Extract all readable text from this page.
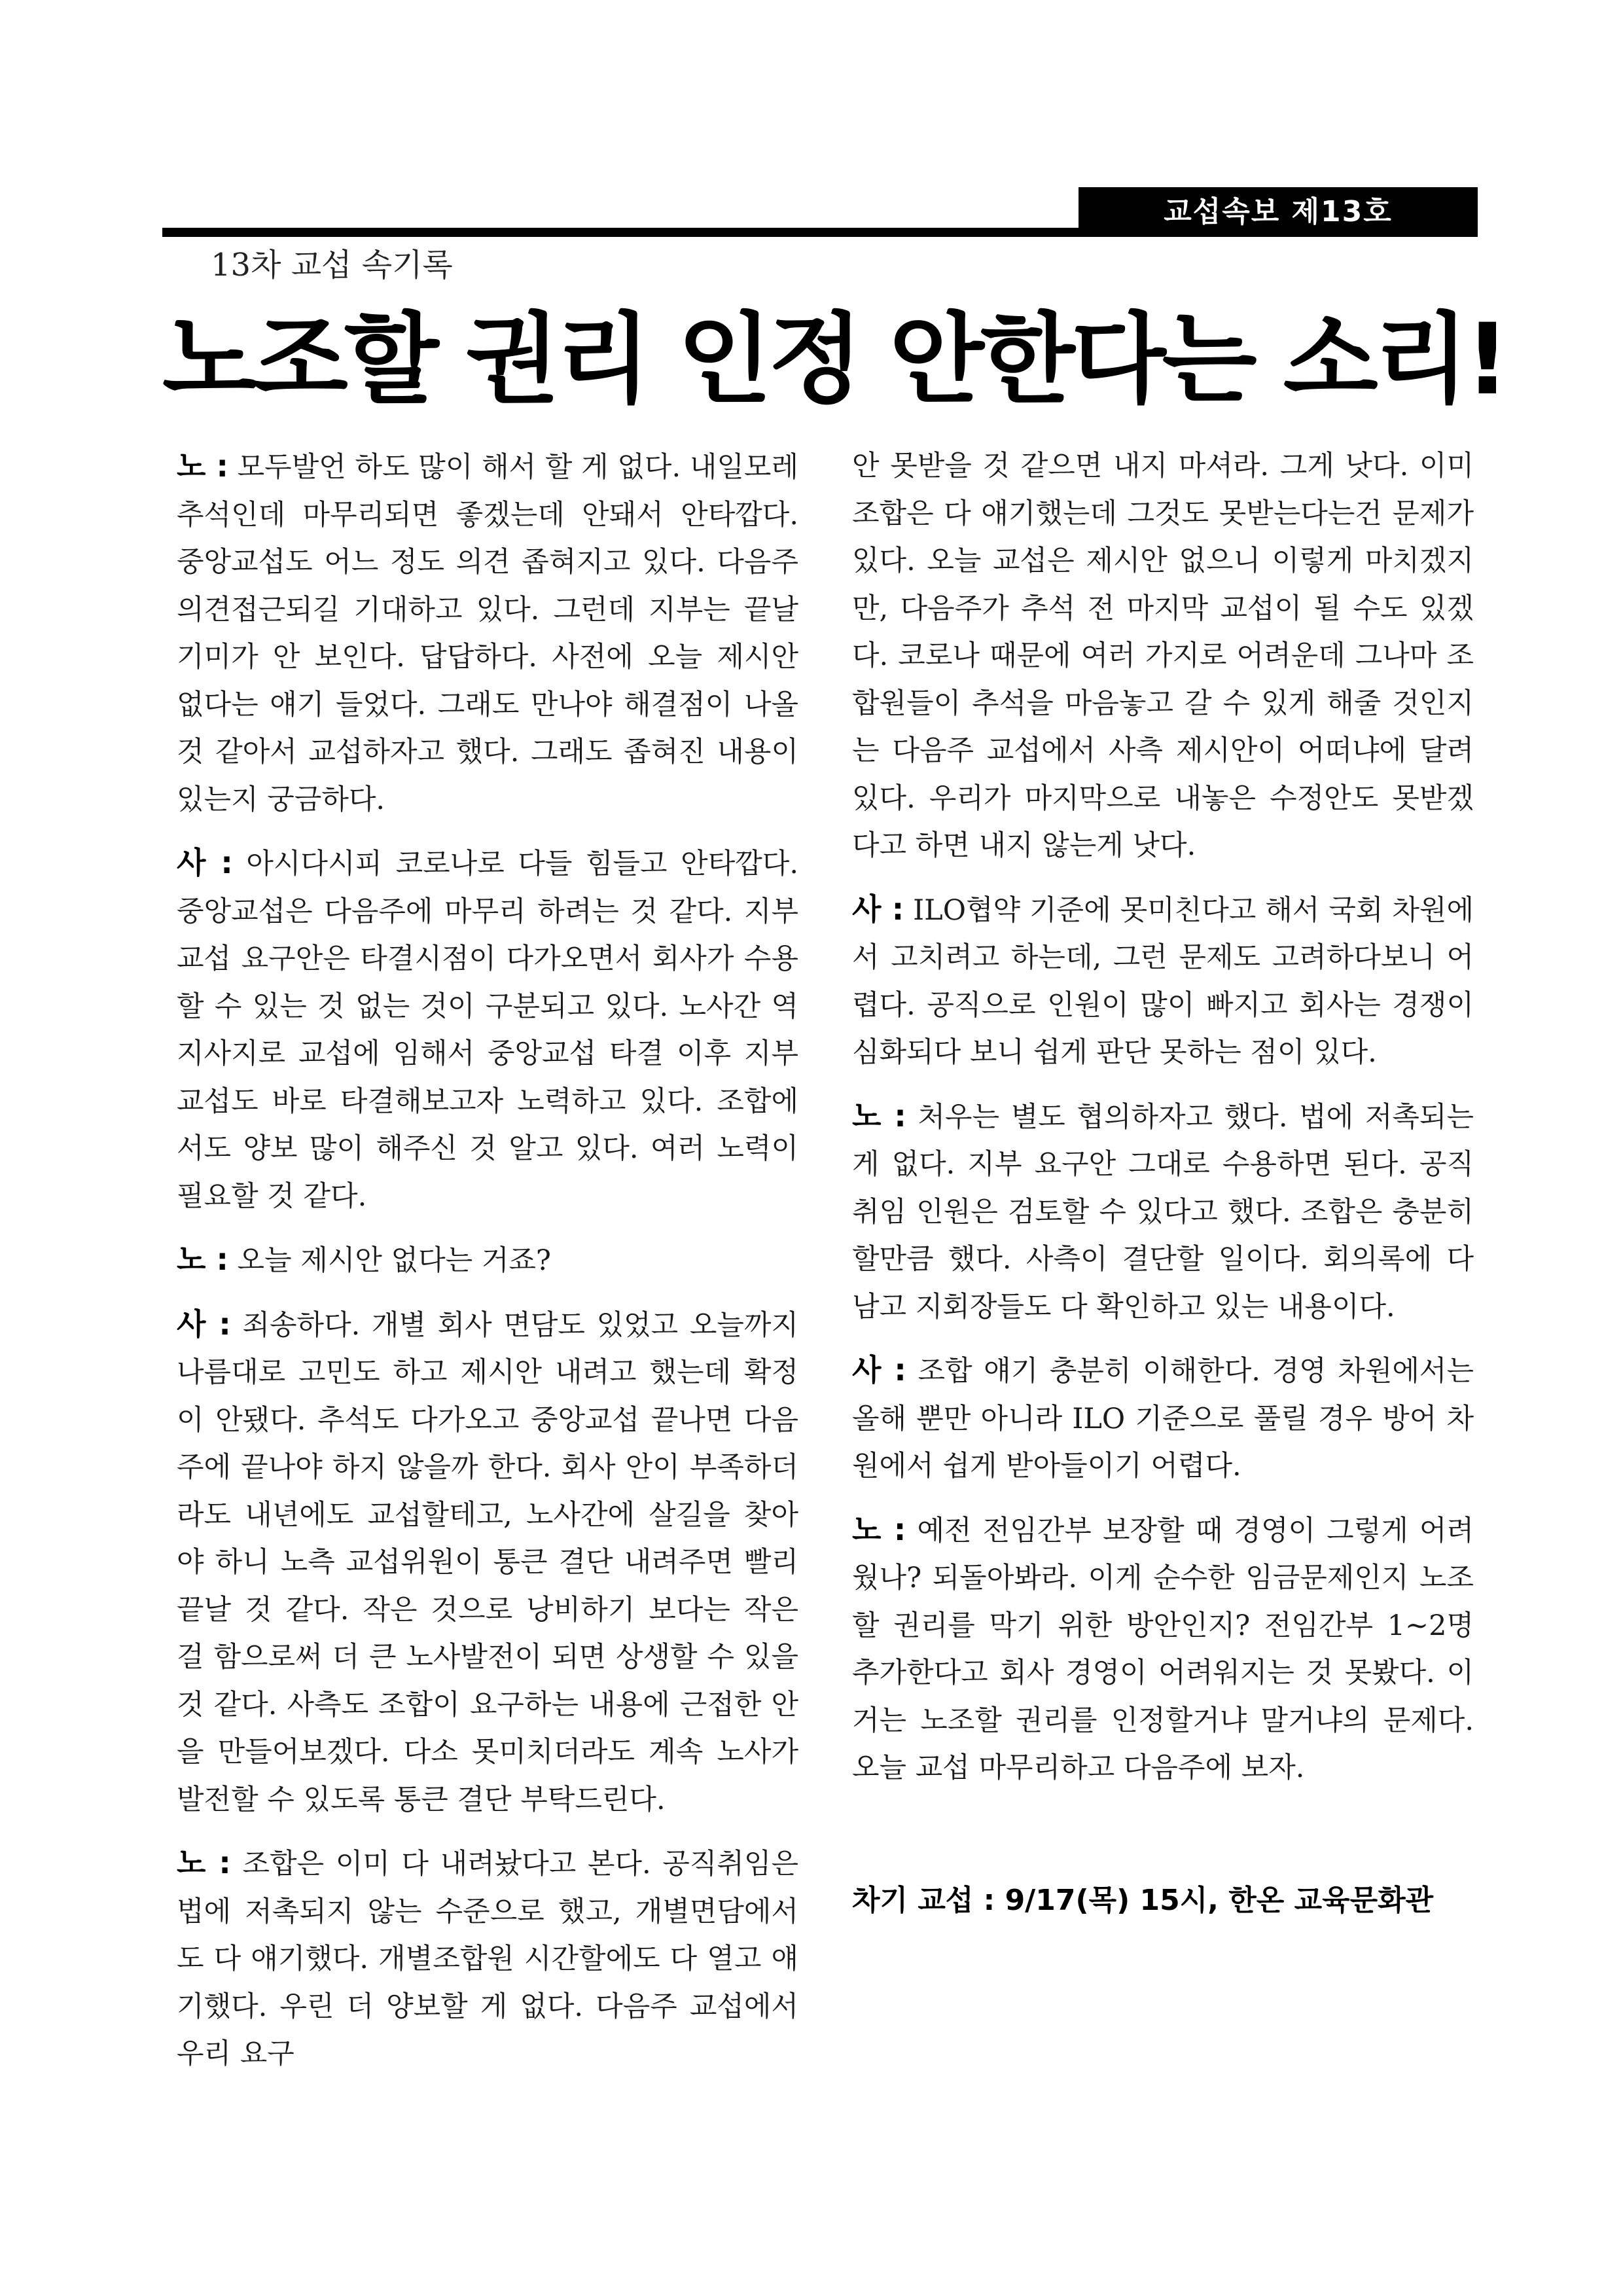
교섭속보 제13호
13차 교섭 속기록
노조할 권리 인정 안한다는 소리!

노 : 모두발언 하도 많이 해서 할 게 없다. 내일모레 추석인데 마무리되면 좋겠는데 안돼서 안타깝다. 중앙교섭도 어느 정도 의견 좁혀지고 있다. 다음주 의견접근되길 기대하고 있다. 그런데 지부는 끝날 기미가 안 보인다. 답답하다. 사전에 오늘 제시안 없다는 얘기 들었다. 그래도 만나야 해결점이 나올 것 같아서 교섭하자고 했다. 그래도 좁혀진 내용이 있는지 궁금하다.

사 : 아시다시피 코로나로 다들 힘들고 안타깝다. 중앙교섭은 다음주에 마무리 하려는 것 같다. 지부교섭 요구안은 타결시점이 다가오면서 회사가 수용할 수 있는 것 없는 것이 구분되고 있다. 노사간 역지사지로 교섭에 임해서 중앙교섭 타결 이후 지부교섭도 바로 타결해보고자 노력하고 있다. 조합에서도 양보 많이 해주신 것 알고 있다. 여러 노력이 필요할 것 같다.

노 : 오늘 제시안 없다는 거죠?

사 : 죄송하다. 개별 회사 면담도 있었고 오늘까지 나름대로 고민도 하고 제시안 내려고 했는데 확정이 안됐다. 추석도 다가오고 중앙교섭 끝나면 다음주에 끝나야 하지 않을까 한다. 회사 안이 부족하더라도 내년에도 교섭할테고, 노사간에 살길을 찾아야 하니 노측 교섭위원이 통큰 결단 내려주면 빨리 끝날 것 같다. 작은 것으로 낭비하기 보다는 작은 걸 함으로써 더 큰 노사발전이 되면 상생할 수 있을 것 같다. 사측도 조합이 요구하는 내용에 근접한 안을 만들어보겠다. 다소 못미치더라도 계속 노사가 발전할 수 있도록 통큰 결단 부탁드린다.

노 : 조합은 이미 다 내려놨다고 본다. 공직취임은 법에 저촉되지 않는 수준으로 했고, 개별면담에서도 다 얘기했다. 개별조합원 시간할에도 다 열고 얘기했다. 우린 더 양보할 게 없다. 다음주 교섭에서 우리 요구

안 못받을 것 같으면 내지 마셔라. 그게 낫다. 이미 조합은 다 얘기했는데 그것도 못받는다는건 문제가 있다. 오늘 교섭은 제시안 없으니 이렇게 마치겠지만, 다음주가 추석 전 마지막 교섭이 될 수도 있겠다. 코로나 때문에 여러 가지로 어려운데 그나마 조합원들이 추석을 마음놓고 갈 수 있게 해줄 것인지는 다음주 교섭에서 사측 제시안이 어떠냐에 달려있다. 우리가 마지막으로 내놓은 수정안도 못받겠다고 하면 내지 않는게 낫다.

사 : ILO협약 기준에 못미친다고 해서 국회 차원에서 고치려고 하는데, 그런 문제도 고려하다보니 어렵다. 공직으로 인원이 많이 빠지고 회사는 경쟁이 심화되다 보니 쉽게 판단 못하는 점이 있다.

노 : 처우는 별도 협의하자고 했다. 법에 저촉되는 게 없다. 지부 요구안 그대로 수용하면 된다. 공직취임 인원은 검토할 수 있다고 했다. 조합은 충분히 할만큼 했다. 사측이 결단할 일이다. 회의록에 다 남고 지회장들도 다 확인하고 있는 내용이다.

사 : 조합 얘기 충분히 이해한다. 경영 차원에서는 올해 뿐만 아니라 ILO 기준으로 풀릴 경우 방어 차원에서 쉽게 받아들이기 어렵다.

노 : 예전 전임간부 보장할 때 경영이 그렇게 어려웠나? 되돌아봐라. 이게 순수한 임금문제인지 노조할 권리를 막기 위한 방안인지? 전임간부 1~2명 추가한다고 회사 경영이 어려워지는 것 못봤다. 이거는 노조할 권리를 인정할거냐 말거냐의 문제다. 오늘 교섭 마무리하고 다음주에 보자.

차기 교섭 : 9/17(목) 15시, 한온 교육문화관
